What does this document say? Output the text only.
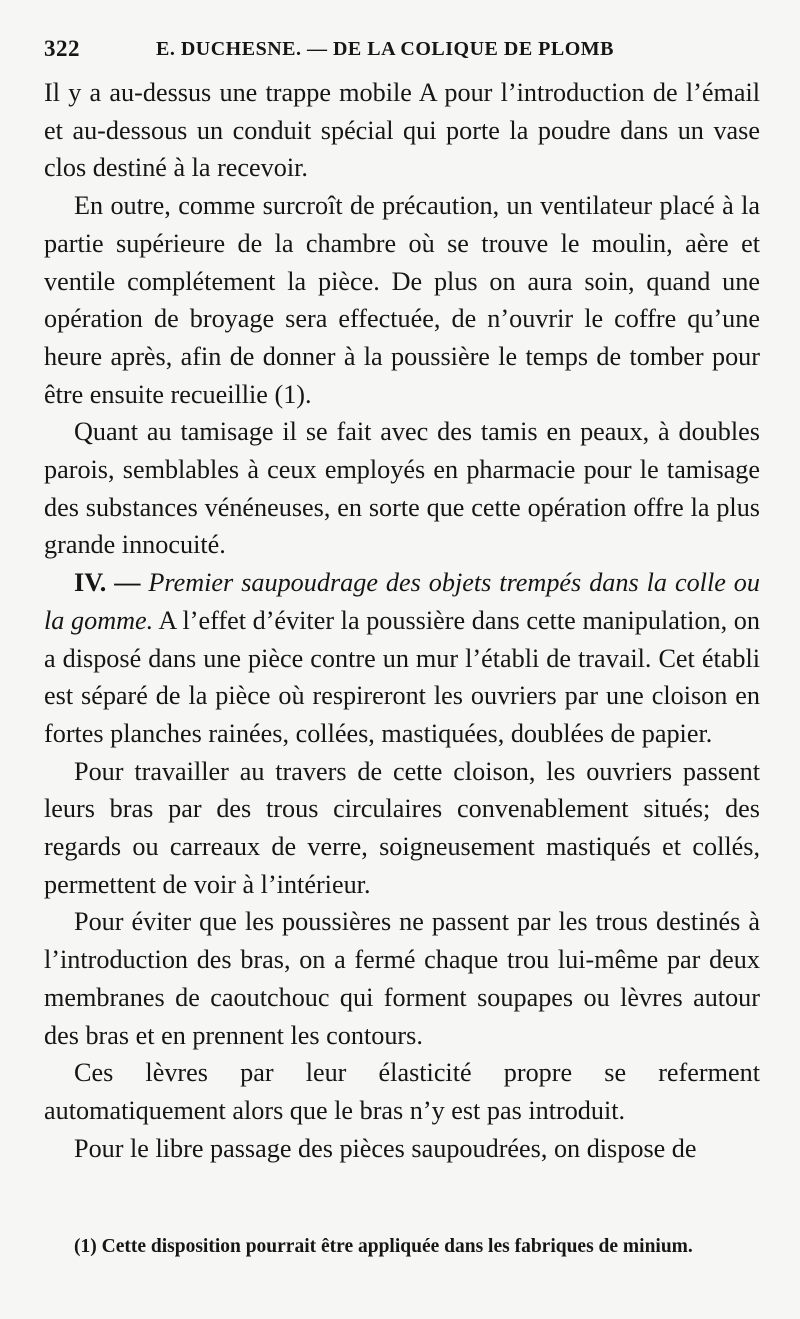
322	E. DUCHESNE. — DE LA COLIQUE DE PLOMB

Il y a au-dessus une trappe mobile A pour l’introduction de l’émail et au-dessous un conduit spécial qui porte la poudre dans un vase clos destiné à la recevoir.

En outre, comme surcroît de précaution, un ventilateur placé à la partie supérieure de la chambre où se trouve le moulin, aère et ventile complétement la pièce. De plus on aura soin, quand une opération de broyage sera effectuée, de n’ouvrir le coffre qu’une heure après, afin de donner à la poussière le temps de tomber pour être ensuite recueillie (1).

Quant au tamisage il se fait avec des tamis en peaux, à doubles parois, semblables à ceux employés en pharmacie pour le tamisage des substances vénéneuses, en sorte que cette opération offre la plus grande innocuité.

IV. — Premier saupoudrage des objets trempés dans la colle ou la gomme. A l’effet d’éviter la poussière dans cette manipulation, on a disposé dans une pièce contre un mur l’établi de travail. Cet établi est séparé de la pièce où respireront les ouvriers par une cloison en fortes planches rainées, collées, mastiquées, doublées de papier.

Pour travailler au travers de cette cloison, les ouvriers passent leurs bras par des trous circulaires convenablement situés; des regards ou carreaux de verre, soigneusement mastiqués et collés, permettent de voir à l’intérieur.

Pour éviter que les poussières ne passent par les trous destinés à l’introduction des bras, on a fermé chaque trou lui-même par deux membranes de caoutchouc qui forment soupapes ou lèvres autour des bras et en prennent les contours.

Ces lèvres par leur élasticité propre se referment automatiquement alors que le bras n’y est pas introduit.

Pour le libre passage des pièces saupoudrées, on dispose de

(1) Cette disposition pourrait être appliquée dans les fabriques de minium.
